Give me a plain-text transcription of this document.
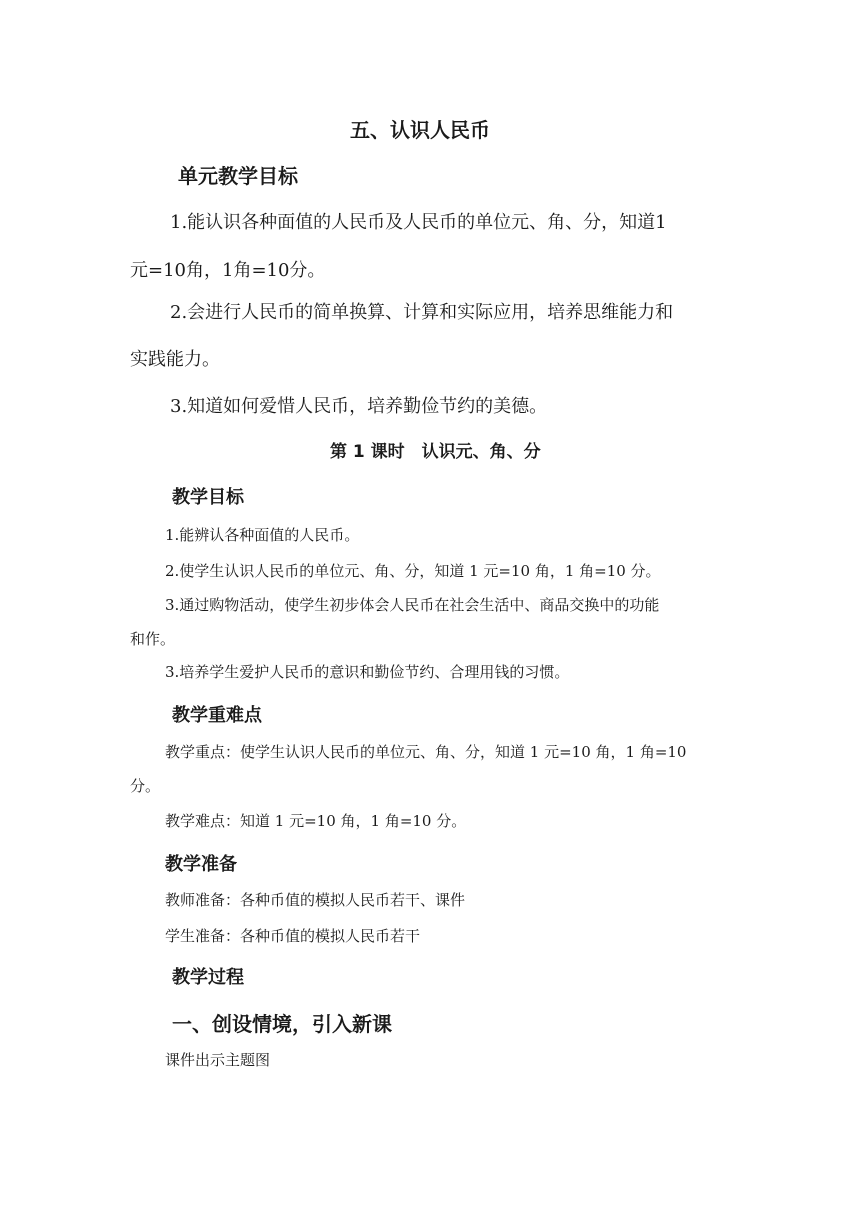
五、认识人民币
单元教学目标
1.能认识各种面值的人民币及人民币的单位元、角、分，知道1
元=10角，1角=10分。
2.会进行人民币的简单换算、计算和实际应用，培养思维能力和
实践能力。
3.知道如何爱惜人民币，培养勤俭节约的美德。
第 1 课时　认识元、角、分
教学目标
1.能辨认各种面值的人民币。
2.使学生认识人民币的单位元、角、分，知道 1 元=10 角，1 角=10 分。
3.通过购物活动，使学生初步体会人民币在社会生活中、商品交换中的功能
和作。
3.培养学生爱护人民币的意识和勤俭节约、合理用钱的习惯。
教学重难点
教学重点：使学生认识人民币的单位元、角、分，知道 1 元=10 角，1 角=10
分。
教学难点：知道 1 元=10 角，1 角=10 分。
教学准备
教师准备：各种币值的模拟人民币若干、课件
学生准备：各种币值的模拟人民币若干
教学过程
一、创设情境，引入新课
课件出示主题图
